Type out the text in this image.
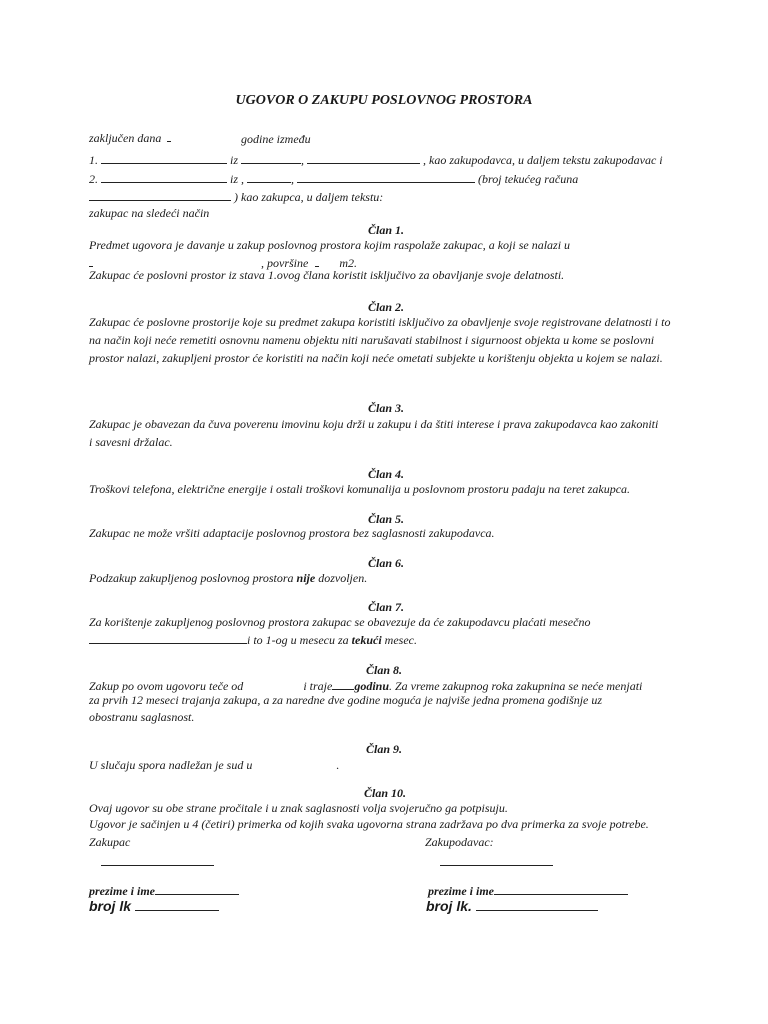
UGOVOR O ZAKUPU POSLOVNOG PROSTORA
zaključen dana	godine između
1.	iz	,	, kao zakupodavca, u daljem tekstu zakupodavac i
2.	iz ,	,	(broj tekućeg računa
) kao zakupca, u daljem tekstu:
zakupac na sledeći način
Član 1.
Predmet ugovora je davanje u zakup poslovnog prostora kojim raspolaže zakupac, a koji se nalazi u
, površine	m2.
Zakupac će poslovni prostor iz stava 1.ovog člana koristit isključivo za obavljanje svoje delatnosti.
Član 2.
Zakupac će poslovne prostorije koje su predmet zakupa koristiti isključivo za obavljenje svoje registrovane delatnosti i to na način koji neće remetiti osnovnu namenu objektu niti narušavati stabilnost i sigurnoost objekta u kome se poslovni prostor nalazi, zakupljeni prostor će koristiti na način koji neće ometati subjekte u korištenju objekta u kojem se nalazi.
Član 3.
Zakupac je obavezan da čuva poverenu imovinu koju drži u zakupu i da štiti interese i prava zakupodavca kao zakoniti i savesni držalac.
Član 4.
Troškovi telefona, električne energije i ostali troškovi komunalija u poslovnom prostoru padaju na teret zakupca.
Član 5.
Zakupac ne može vršiti adaptacije poslovnog prostora bez saglasnosti zakupodavca.
Član 6.
Podzakup zakupljenog poslovnog prostora nije dozvoljen.
Član 7.
Za korištenje zakupljenog poslovnog prostora zakupac se obavezuje da će zakupodavcu plaćati mesečno
i to 1-og u mesecu za tekući mesec.
Član 8.
Zakup po ovom ugovoru teče od	i traje godinu. Za vreme zakupnog roka zakupnina se neće menjati
za prvih 12 meseci trajanja zakupa, a za naredne dve godine moguća je najviše jedna promena godišnje uz
obostranu saglasnost.
Član 9.
U slučaju spora nadležan je sud u	.
Član 10.
Ovaj ugovor su obe strane pročitale i u znak saglasnosti volja svojeručno ga potpisuju.
Ugovor je sačinjen u 4 (četiri) primerka od kojih svaka ugovorna strana zadržava po dva primerka za svoje potrebe.
Zakupac	Zakupodavac:
prezime i ime	prezime i ime
broj lk	broj lk.
